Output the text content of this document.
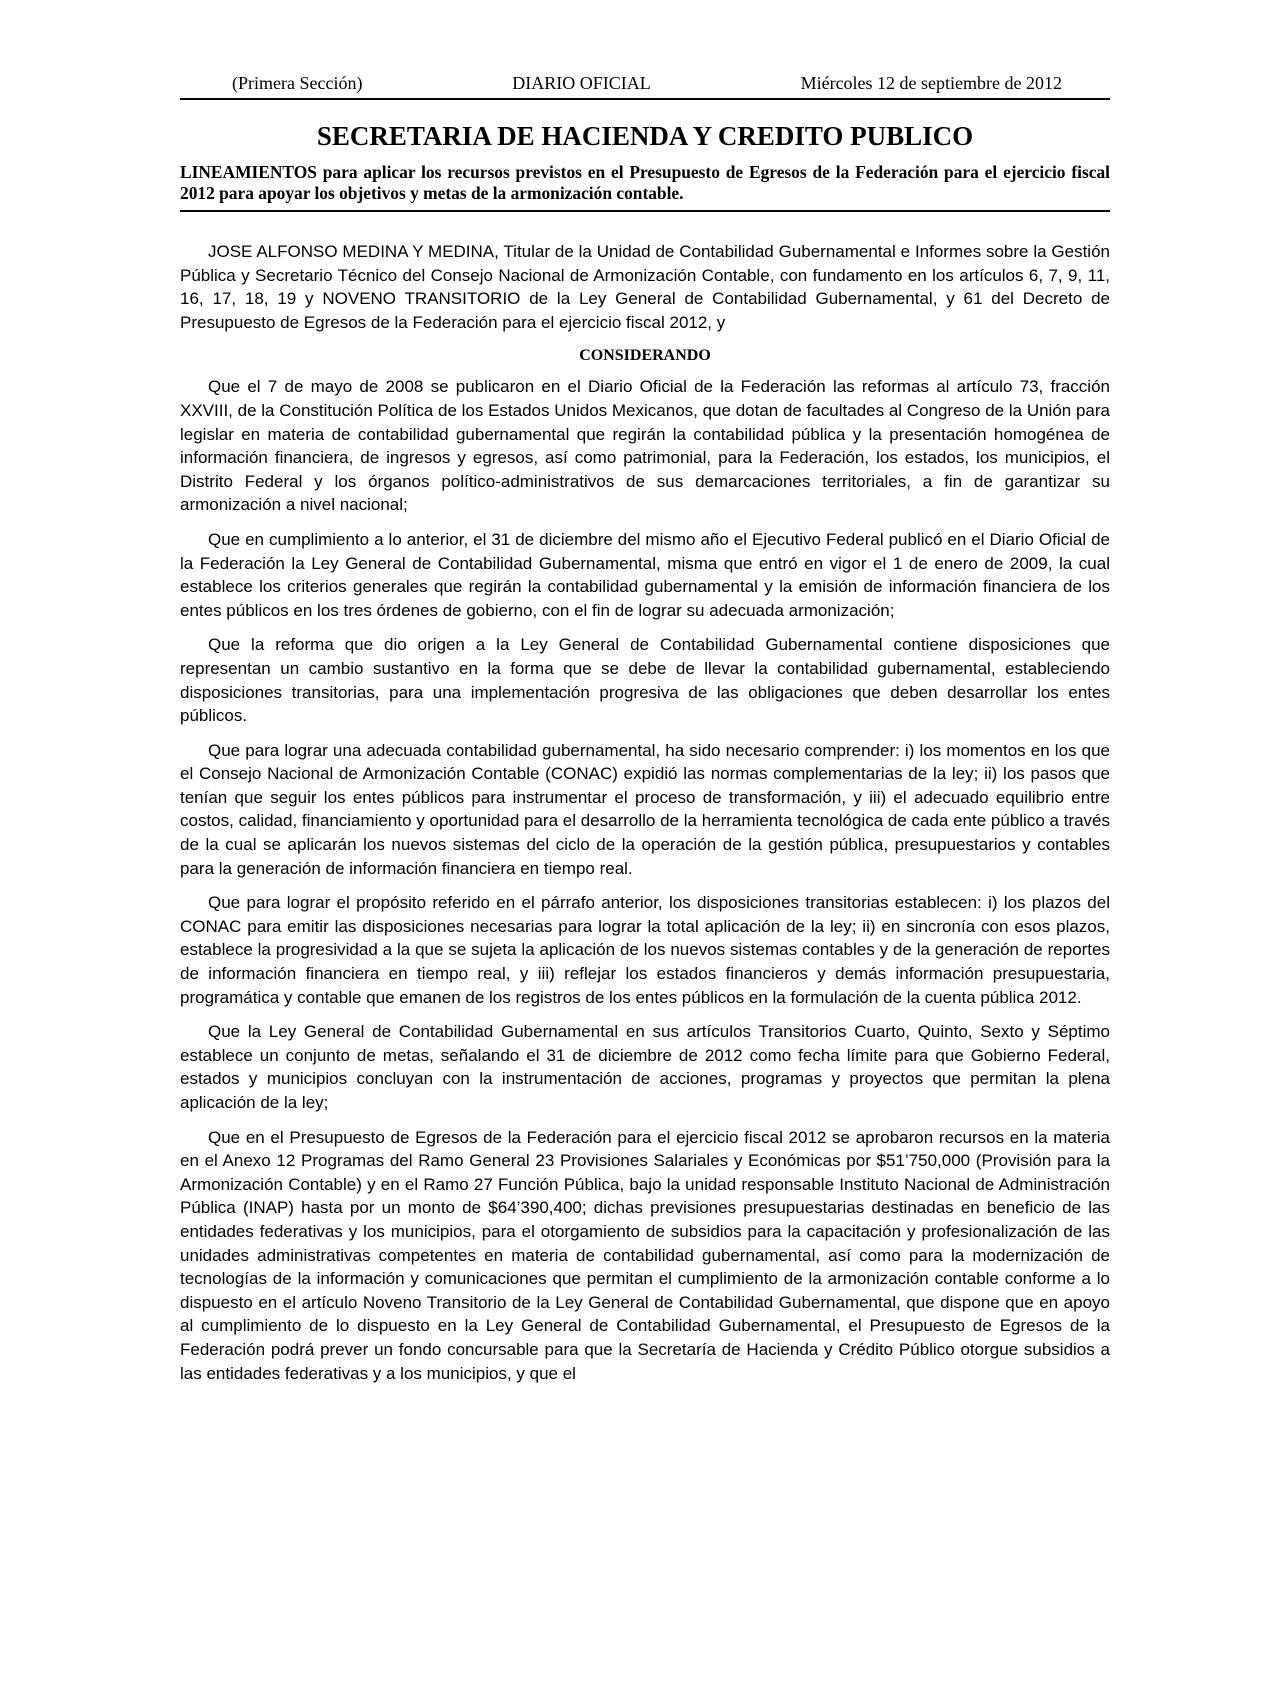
(Primera Sección)	DIARIO OFICIAL	Miércoles 12 de septiembre de 2012
SECRETARIA DE HACIENDA Y CREDITO PUBLICO
LINEAMIENTOS para aplicar los recursos previstos en el Presupuesto de Egresos de la Federación para el ejercicio fiscal 2012 para apoyar los objetivos y metas de la armonización contable.

JOSE ALFONSO MEDINA Y MEDINA, Titular de la Unidad de Contabilidad Gubernamental e Informes sobre la Gestión Pública y Secretario Técnico del Consejo Nacional de Armonización Contable, con fundamento en los artículos 6, 7, 9, 11, 16, 17, 18, 19 y NOVENO TRANSITORIO de la Ley General de Contabilidad Gubernamental, y 61 del Decreto de Presupuesto de Egresos de la Federación para el ejercicio fiscal 2012, y

CONSIDERANDO

Que el 7 de mayo de 2008 se publicaron en el Diario Oficial de la Federación las reformas al artículo 73, fracción XXVIII, de la Constitución Política de los Estados Unidos Mexicanos, que dotan de facultades al Congreso de la Unión para legislar en materia de contabilidad gubernamental que regirán la contabilidad pública y la presentación homogénea de información financiera, de ingresos y egresos, así como patrimonial, para la Federación, los estados, los municipios, el Distrito Federal y los órganos político-administrativos de sus demarcaciones territoriales, a fin de garantizar su armonización a nivel nacional;

Que en cumplimiento a lo anterior, el 31 de diciembre del mismo año el Ejecutivo Federal publicó en el Diario Oficial de la Federación la Ley General de Contabilidad Gubernamental, misma que entró en vigor el 1 de enero de 2009, la cual establece los criterios generales que regirán la contabilidad gubernamental y la emisión de información financiera de los entes públicos en los tres órdenes de gobierno, con el fin de lograr su adecuada armonización;

Que la reforma que dio origen a la Ley General de Contabilidad Gubernamental contiene disposiciones que representan un cambio sustantivo en la forma que se debe de llevar la contabilidad gubernamental, estableciendo disposiciones transitorias, para una implementación progresiva de las obligaciones que deben desarrollar los entes públicos.

Que para lograr una adecuada contabilidad gubernamental, ha sido necesario comprender: i) los momentos en los que el Consejo Nacional de Armonización Contable (CONAC) expidió las normas complementarias de la ley; ii) los pasos que tenían que seguir los entes públicos para instrumentar el proceso de transformación, y iii) el adecuado equilibrio entre costos, calidad, financiamiento y oportunidad para el desarrollo de la herramienta tecnológica de cada ente público a través de la cual se aplicarán los nuevos sistemas del ciclo de la operación de la gestión pública, presupuestarios y contables para la generación de información financiera en tiempo real.

Que para lograr el propósito referido en el párrafo anterior, los disposiciones transitorias establecen: i) los plazos del CONAC para emitir las disposiciones necesarias para lograr la total aplicación de la ley; ii) en sincronía con esos plazos, establece la progresividad a la que se sujeta la aplicación de los nuevos sistemas contables y de la generación de reportes de información financiera en tiempo real, y iii) reflejar los estados financieros y demás información presupuestaria, programática y contable que emanen de los registros de los entes públicos en la formulación de la cuenta pública 2012.

Que la Ley General de Contabilidad Gubernamental en sus artículos Transitorios Cuarto, Quinto, Sexto y Séptimo establece un conjunto de metas, señalando el 31 de diciembre de 2012 como fecha límite para que Gobierno Federal, estados y municipios concluyan con la instrumentación de acciones, programas y proyectos que permitan la plena aplicación de la ley;

Que en el Presupuesto de Egresos de la Federación para el ejercicio fiscal 2012 se aprobaron recursos en la materia en el Anexo 12 Programas del Ramo General 23 Provisiones Salariales y Económicas por $51’750,000 (Provisión para la Armonización Contable) y en el Ramo 27 Función Pública, bajo la unidad responsable Instituto Nacional de Administración Pública (INAP) hasta por un monto de $64’390,400; dichas previsiones presupuestarias destinadas en beneficio de las entidades federativas y los municipios, para el otorgamiento de subsidios para la capacitación y profesionalización de las unidades administrativas competentes en materia de contabilidad gubernamental, así como para la modernización de tecnologías de la información y comunicaciones que permitan el cumplimiento de la armonización contable conforme a lo dispuesto en el artículo Noveno Transitorio de la Ley General de Contabilidad Gubernamental, que dispone que en apoyo al cumplimiento de lo dispuesto en la Ley General de Contabilidad Gubernamental, el Presupuesto de Egresos de la Federación podrá prever un fondo concursable para que la Secretaría de Hacienda y Crédito Público otorgue subsidios a las entidades federativas y a los municipios, y que el
